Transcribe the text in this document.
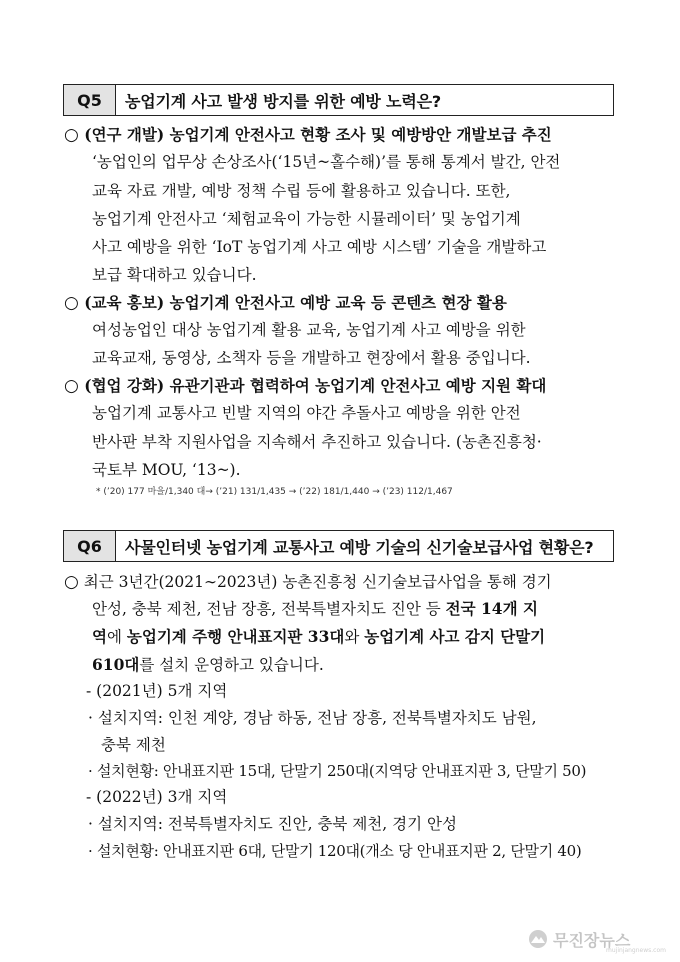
Q5	농업기계 사고 발생 방지를 위한 예방 노력은?
○ (연구 개발) 농업기계 안전사고 현황 조사 및 예방방안 개발보급 추진
‘농업인의 업무상 손상조사(‘15년~홀수해)’를 통해 통계서 발간, 안전
교육 자료 개발, 예방 정책 수립 등에 활용하고 있습니다. 또한,
농업기계 안전사고 ‘체험교육이 가능한 시뮬레이터’ 및 농업기계
사고 예방을 위한 ‘IoT 농업기계 사고 예방 시스템’ 기술을 개발하고
보급 확대하고 있습니다.
○ (교육 홍보) 농업기계 안전사고 예방 교육 등 콘텐츠 현장 활용
여성농업인 대상 농업기계 활용 교육, 농업기계 사고 예방을 위한
교육교재, 동영상, 소책자 등을 개발하고 현장에서 활용 중입니다.
○ (협업 강화) 유관기관과 협력하여 농업기계 안전사고 예방 지원 확대
농업기계 교통사고 빈발 지역의 야간 추돌사고 예방을 위한 안전
반사판 부착 지원사업을 지속해서 추진하고 있습니다. (농촌진흥청·
국토부 MOU, ‘13~).
* (’20) 177 마을/1,340 대→ (’21) 131/1,435 → (’22) 181/1,440 → (’23) 112/1,467
Q6	사물인터넷 농업기계 교통사고 예방 기술의 신기술보급사업 현황은?
○ 최근 3년간(2021∼2023년) 농촌진흥청 신기술보급사업을 통해 경기
안성, 충북 제천, 전남 장흥, 전북특별자치도 진안 등 전국 14개 지
역에 농업기계 주행 안내표지판 33대와 농업기계 사고 감지 단말기
610대를 설치 운영하고 있습니다.
- (2021년) 5개 지역
· 설치지역: 인천 계양, 경남 하동, 전남 장흥, 전북특별자치도 남원,
충북 제천
· 설치현황: 안내표지판 15대, 단말기 250대(지역당 안내표지판 3, 단말기 50)
- (2022년) 3개 지역
· 설치지역: 전북특별자치도 진안, 충북 제천, 경기 안성
· 설치현황: 안내표지판 6대, 단말기 120대(개소 당 안내표지판 2, 단말기 40)
무진장뉴스
mujinjangnews.com
